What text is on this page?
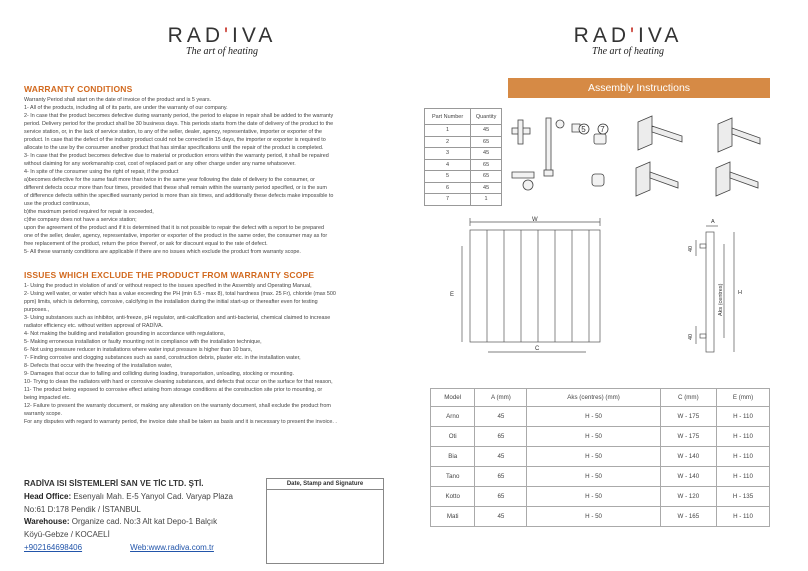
RAD'IVA
The art of heating
RAD'IVA
The art of heating
WARRANTY CONDITIONS

Warranty Period shall start on the date of invoice of the product and is 5 years.

1- All of the products, including all of its parts, are under the warranty of our company.

2- In case that the product becomes defective during warranty period, the period to elapse in repair shall be added to the warranty

period. Delivery period for the product shall be 30 business days. This periods starts from the date of delivery of the product to the

service station, or, in the lack of service station, to any of the seller, dealer, agency, representative, importer or exporter of the

product. In case that the defect of the industry product could not be corrected in 15 days, the importer or exporter is required to

allocate to the use by the consumer another product that has similar specifications until the repair of the product is completed.

3- In case that the product becomes defective due to material or production errors within the warranty period, it shall be repaired

without claiming for any workmanship cost, cost of replaced part or any other charge under any name whatsoever.

4- In spite of the consumer using the right of repair, if the product

a)becomes defective for the same fault more than twice in the same year following the date of delivery to the consumer, or

different defects occur more than four times, provided that these shall remain within the warranty period specified, or is the sum

of difference defects within the specified warranty period is more than six times, and additionally these defects make impossible to

use the product continuous,

b)the maximum period required for repair is exceeded,

c)the company does not have a service station;

upon the agreement of the product and if it is determined that it is not possible to repair the defect with a report to be prepared

one of the seller, dealer, agency, representative, importer or exporter of the product in the same order, the consumer may as for

free replacement of the product, return the price thereof, or ask for discount equal to the rate of defect.

5- All these warranty conditions are applicable if there are no issues which exclude the product from warranty scope.

ISSUES WHICH EXCLUDE THE PRODUCT FROM WARRANTY SCOPE

1- Using the product in violation of and/ or without respect to the issues specified in the Assembly and Operating Manual,

2- Using well water, or water which has a value exceeding the PH (min 6.5 - max 8), total hardness (max. 25 Fr), chloride (max 500

ppm) limits, which is deforming, corrosive, calcifying in the installation during the initial start-up or thereafter even for testing

purposes.,

3- Using substances such as inhibitor, anti-freeze, pH regulator, anti-calcification and anti-bacterial, chemical claimed to increase

radiator efficiency etc. without written approval of RADİVA.

4- Not making the building and installation grounding in accordance with regulations,

5- Making erroneous installation or faulty mounting not in compliance with the installation technique,

6- Not using pressure reducer in installations where water input pressure is higher than 10 bars,

7- Finding corrosive and clogging substances such as sand, construction debris, plaster etc. in the installation water,

8- Defects that occur with the freezing of the installation water,

9- Damages that occur due to falling and colliding during loading, transportation, unloading, stocking or mounting.

10- Trying to clean the radiators with hard or corrosive cleaning substances, and defects that occur on the surface for that reason,

11- The product being exposed to corrosive effect arising from storage conditions at the construction site prior to mounting, or

being impacted etc.

12- Failure to present the warranty document, or making any alteration on the warranty document, shall exclude the product from

warranty scope.

For any disputes with regard to warranty period, the invoice date shall be taken as basis and it is necessary to present the invoice. .

RADİVA ISI SİSTEMLERİ SAN VE TİC LTD. ŞTİ.
Head Office: Esenyalı Mah. E-5 Yanyol Cad. Varyap Plaza
No:61 D:178 Pendik / İSTANBUL
Warehouse: Organize cad. No:3 Alt kat Depo-1 Balçık
Köyü-Gebze / KOCAELİ
+902164698406	Web:www.radiva.com.tr
Date, Stamp and Signature
Assembly Instructions
Part Number	Quantity
1	45
2	65
3	45
4	65
5	65
6	45
7	1
5 7
W
E
C
A
40
40
Aks (centres)	H
Model	A (mm)	Aks (centres) (mm)	C (mm)	E (mm)
Arno	45	H - 50	W - 175	H - 110
Oti	65	H - 50	W - 175	H - 110
Bia	45	H - 50	W - 140	H - 110
Tano	65	H - 50	W - 140	H - 110
Kotto	65	H - 50	W - 120	H - 135
Mati	45	H - 50	W - 165	H - 110
